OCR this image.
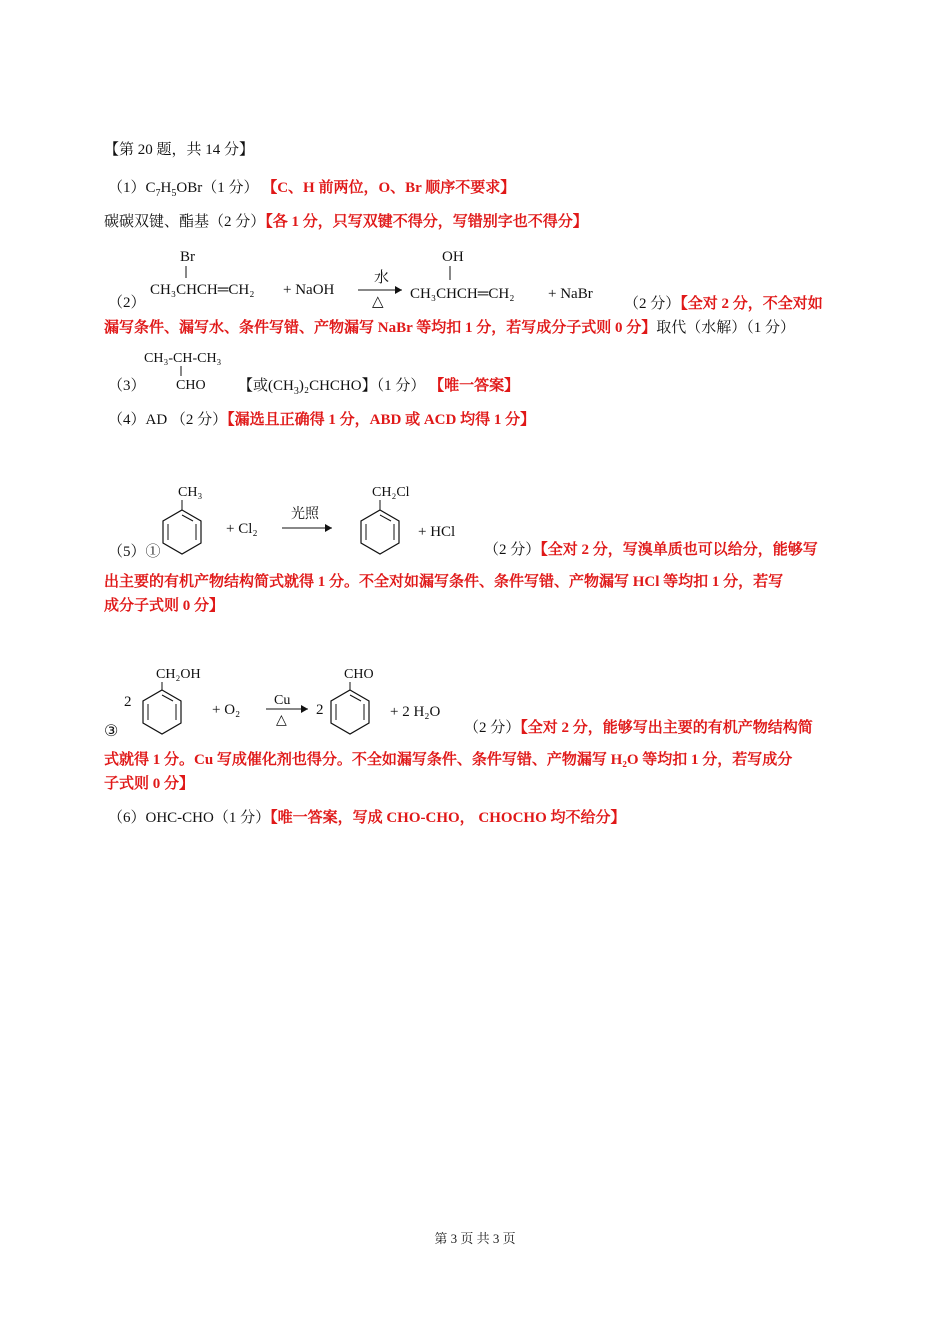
【第 20 题，共 14 分】
$(1)C_7H_5OBr(1$ 分） 【C、H 前两位，O、Br 顺序不要求】
碳碳双键、酯基（2 分）【各 1 分，只写双键不得分，写错别字也不得分】
（2）
Br
CH₃CHCH═CH₂ + NaOH
水
△
OH
CH₃CHCH═CH₂ + NaBr
（2 分）【全对 2 分，不全对如
漏写条件、漏写水、条件写错、产物漏写 NaBr 等均扣 1 分，若写成分子式则 0 分】取代（水解）（1 分）
CH₃-CH-CH₃
CHO
（3）	【或$(CH_3)_2CHCHO$】（1 分） 【唯一答案】
（4）AD （2 分）【漏选且正确得 1 分，ABD 或 ACD 均得 1 分】
（5）①
CH₃
+ Cl₂
光照
CH₂Cl
+ HCl
（2 分）【全对 2 分，写溴单质也可以给分，能够写
出主要的有机产物结构简式就得 1 分。不全对如漏写条件、条件写错、产物漏写 HCl 等均扣 1 分，若写
成分子式则 0 分】
③
2
CH₂OH
+ O₂
Cu
△
2
CHO
+ 2 H₂O
（2 分）【全对 2 分，能够写出主要的有机产物结构简
式就得 1 分。Cu 写成催化剂也得分。不全如漏写条件、条件写错、产物漏写 H₂O 等均扣 1 分，若写成分
子式则 0 分】
（6）OHC-CHO（1 分）【唯一答案，写成 CHO-CHO， CHOCHO 均不给分】
第 3 页 共 3 页
